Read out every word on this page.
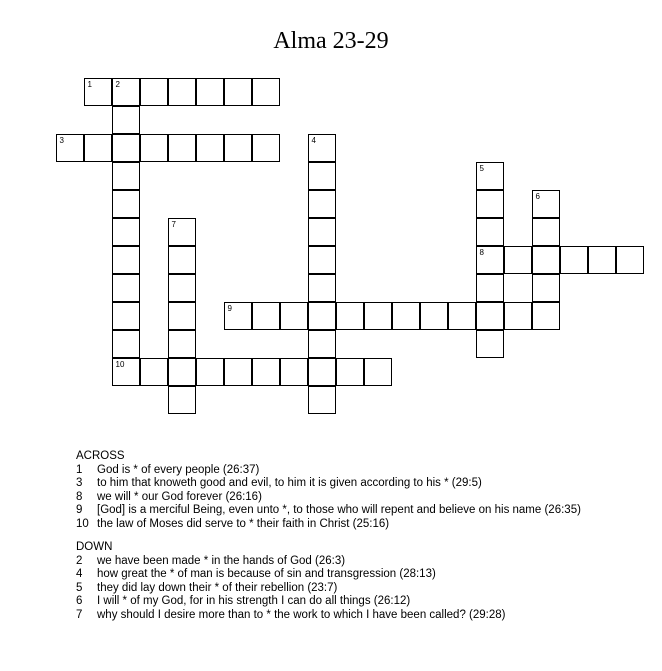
Alma 23-29
1	2
3
8
9
10
4
5
6
7
ACROSS
1	God is * of every people (26:37)
3	to him that knoweth good and evil, to him it is given according to his * (29:5)
8	we will * our God forever (26:16)
9	[God] is a merciful Being, even unto *, to those who will repent and believe on his name (26:35)
10 the law of Moses did serve to * their faith in Christ (25:16)
DOWN
2	we have been made * in the hands of God (26:3)
4	how great the * of man is because of sin and transgression (28:13)
5	they did lay down their * of their rebellion (23:7)
6	I will * of my God, for in his strength I can do all things (26:12)
7	why should I desire more than to * the work to which I have been called? (29:28)
